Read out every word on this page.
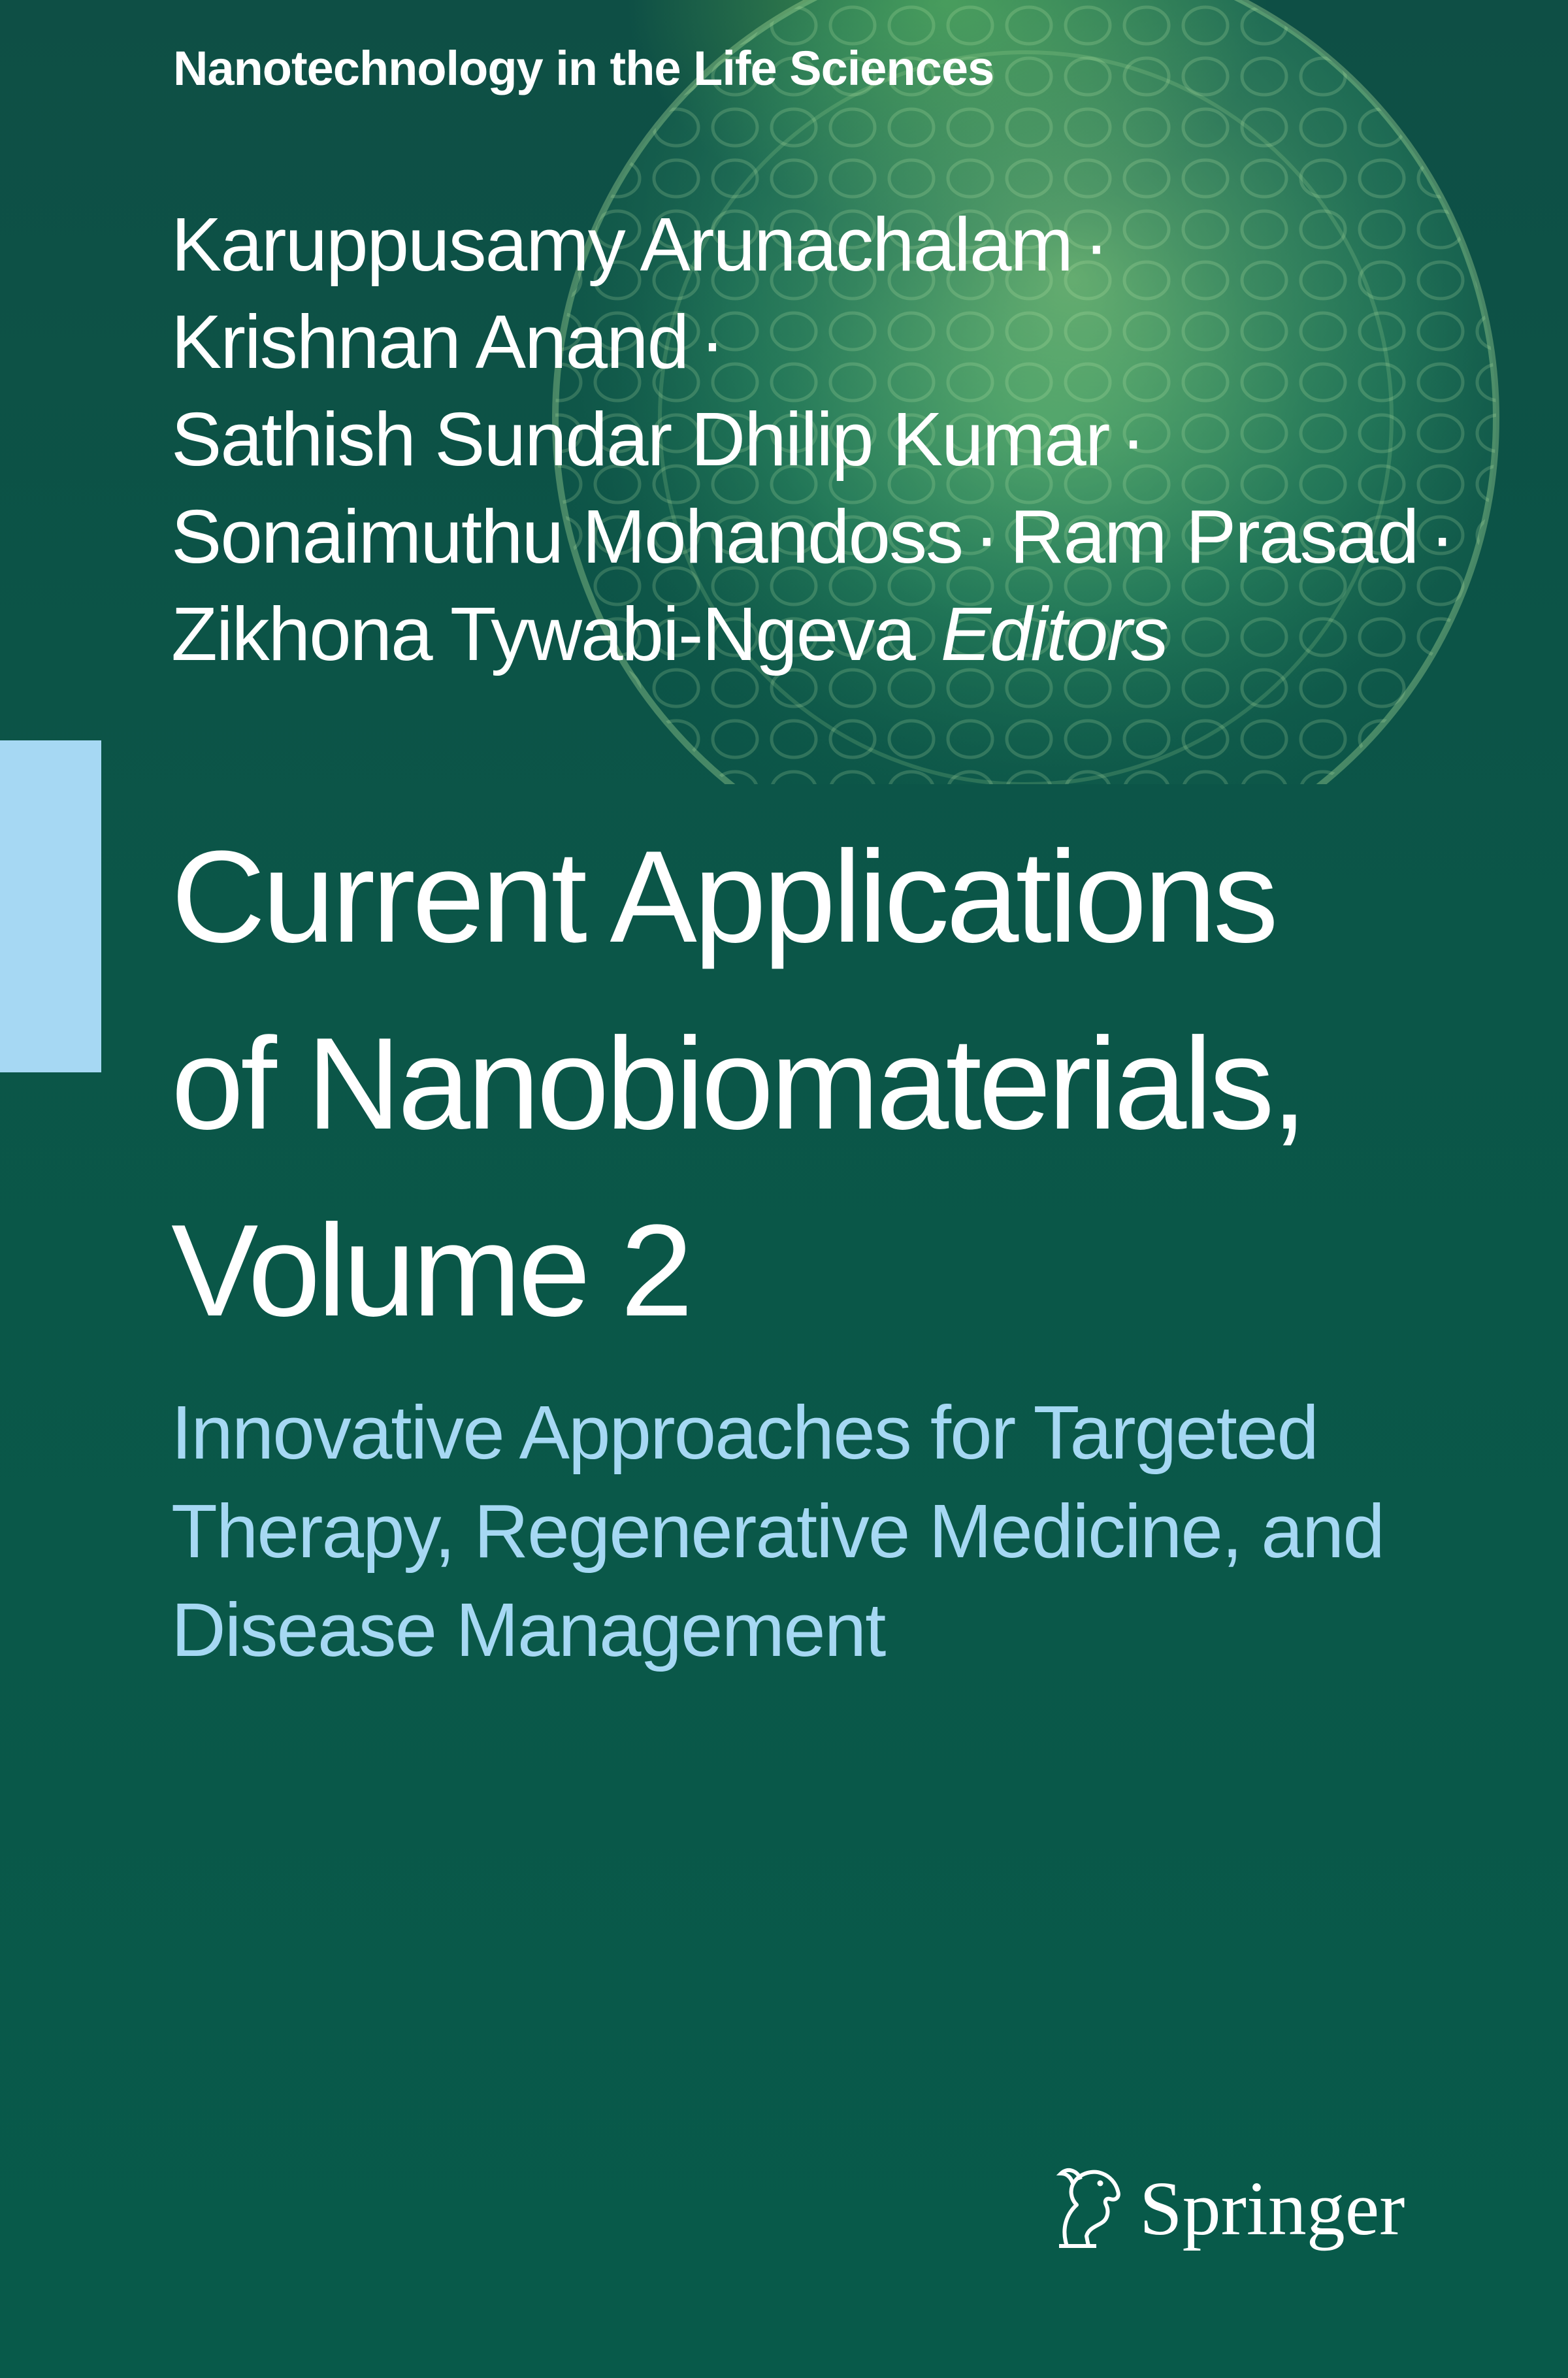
Nanotechnology in the Life Sciences
Karuppusamy Arunachalam ·
Krishnan Anand ·
Sathish Sundar Dhilip Kumar ·
Sonaimuthu Mohandoss · Ram Prasad ·
Zikhona Tywabi-Ngeva Editors
Current Applications
of Nanobiomaterials,
Volume 2
Innovative Approaches for Targeted
Therapy, Regenerative Medicine, and
Disease Management
Springer
